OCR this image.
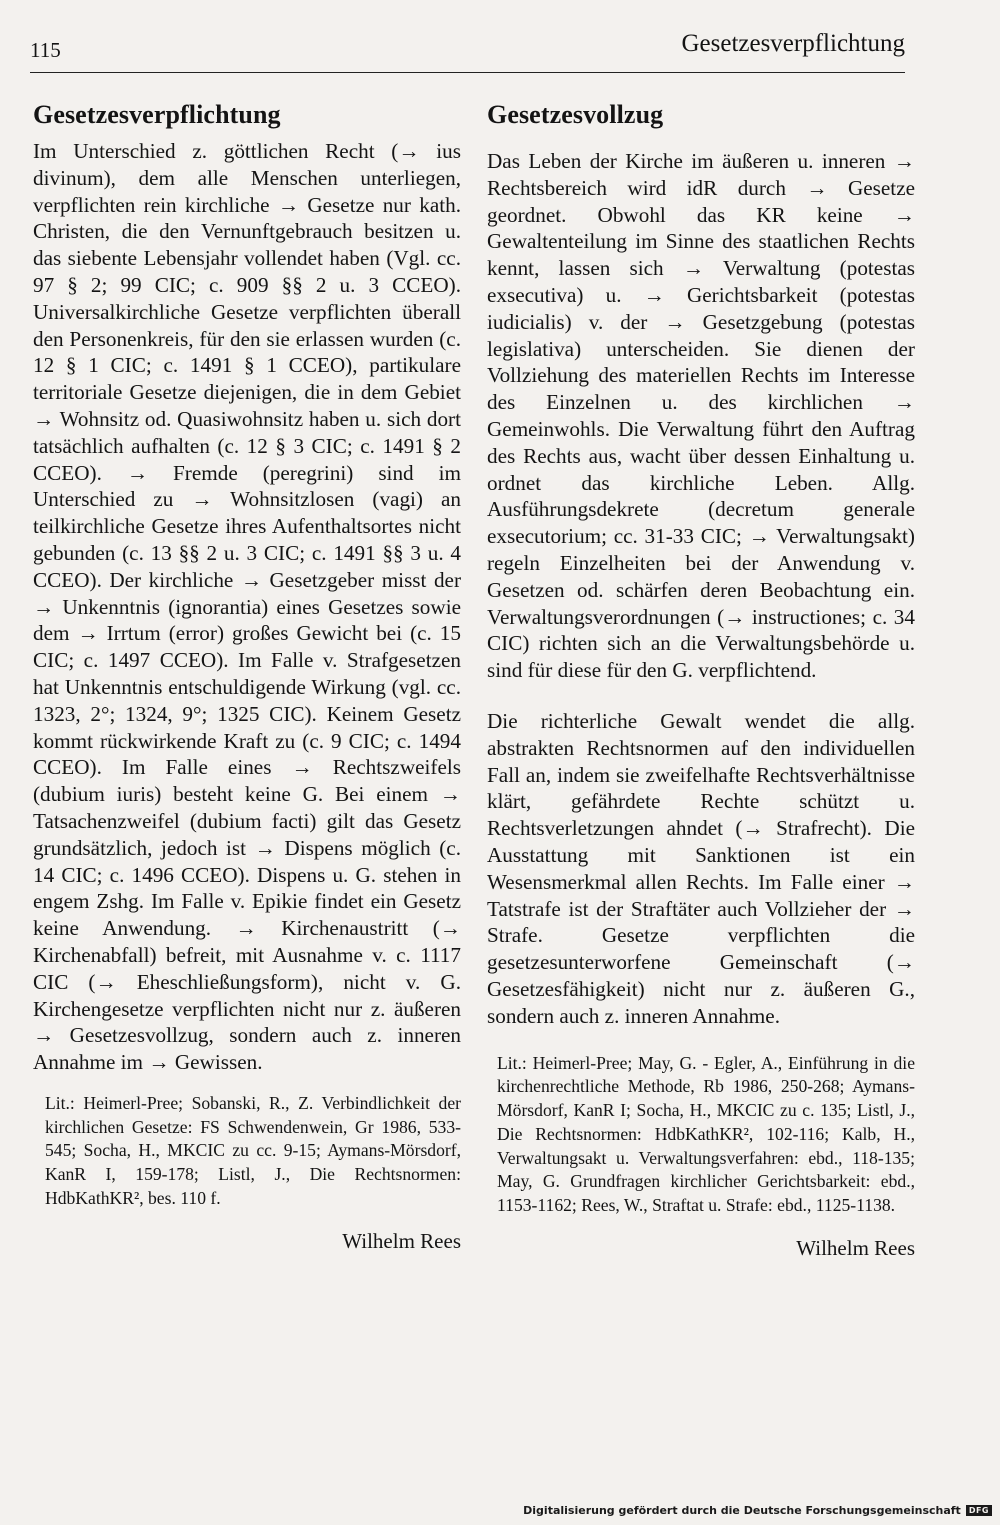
115	Gesetzesverpflichtung
Gesetzesverpflichtung

Im Unterschied z. göttlichen Recht (→ ius divinum), dem alle Menschen unterliegen, verpflichten rein kirchliche → Gesetze nur kath. Christen, die den Vernunftgebrauch besitzen u. das siebente Lebensjahr vollendet haben (Vgl. cc. 97 § 2; 99 CIC; c. 909 §§ 2 u. 3 CCEO). Universalkirchliche Gesetze verpflichten überall den Personenkreis, für den sie erlassen wurden (c. 12 § 1 CIC; c. 1491 § 1 CCEO), partikulare territoriale Gesetze diejenigen, die in dem Gebiet → Wohnsitz od. Quasiwohnsitz haben u. sich dort tatsächlich aufhalten (c. 12 § 3 CIC; c. 1491 § 2 CCEO). → Fremde (peregrini) sind im Unterschied zu → Wohnsitzlosen (vagi) an teilkirchliche Gesetze ihres Aufenthaltsortes nicht gebunden (c. 13 §§ 2 u. 3 CIC; c. 1491 §§ 3 u. 4 CCEO). Der kirchliche → Gesetzgeber misst der → Unkenntnis (ignorantia) eines Gesetzes sowie dem → Irrtum (error) großes Gewicht bei (c. 15 CIC; c. 1497 CCEO). Im Falle v. Strafgesetzen hat Unkenntnis entschuldigende Wirkung (vgl. cc. 1323, 2°; 1324, 9°; 1325 CIC). Keinem Gesetz kommt rückwirkende Kraft zu (c. 9 CIC; c. 1494 CCEO). Im Falle eines → Rechtszweifels (dubium iuris) besteht keine G. Bei einem → Tatsachenzweifel (dubium facti) gilt das Gesetz grundsätzlich, jedoch ist → Dispens möglich (c. 14 CIC; c. 1496 CCEO). Dispens u. G. stehen in engem Zshg. Im Falle v. Epikie findet ein Gesetz keine Anwendung. → Kirchenaustritt (→ Kirchenabfall) befreit, mit Ausnahme v. c. 1117 CIC (→ Eheschließungsform), nicht v. G. Kirchengesetze verpflichten nicht nur z. äußeren → Gesetzesvollzug, sondern auch z. inneren Annahme im → Gewissen.

Lit.: Heimerl-Pree; Sobanski, R., Z. Verbindlichkeit der kirchlichen Gesetze: FS Schwendenwein, Gr 1986, 533-545; Socha, H., MKCIC zu cc. 9-15; Aymans-Mörsdorf, KanR I, 159-178; Listl, J., Die Rechtsnormen: HdbKathKR², bes. 110 f.

Wilhelm Rees
Gesetzesvollzug

Das Leben der Kirche im äußeren u. inneren → Rechtsbereich wird idR durch → Gesetze geordnet. Obwohl das KR keine → Gewaltenteilung im Sinne des staatlichen Rechts kennt, lassen sich → Verwaltung (potestas exsecutiva) u. → Gerichtsbarkeit (potestas iudicialis) v. der → Gesetzgebung (potestas legislativa) unterscheiden. Sie dienen der Vollziehung des materiellen Rechts im Interesse des Einzelnen u. des kirchlichen → Gemeinwohls. Die Verwaltung führt den Auftrag des Rechts aus, wacht über dessen Einhaltung u. ordnet das kirchliche Leben. Allg. Ausführungsdekrete (decretum generale exsecutorium; cc. 31-33 CIC; → Verwaltungsakt) regeln Einzelheiten bei der Anwendung v. Gesetzen od. schärfen deren Beobachtung ein. Verwaltungsverordnungen (→ instructiones; c. 34 CIC) richten sich an die Verwaltungsbehörde u. sind für diese für den G. verpflichtend.

Die richterliche Gewalt wendet die allg. abstrakten Rechtsnormen auf den individuellen Fall an, indem sie zweifelhafte Rechtsverhältnisse klärt, gefährdete Rechte schützt u. Rechtsverletzungen ahndet (→ Strafrecht). Die Ausstattung mit Sanktionen ist ein Wesensmerkmal allen Rechts. Im Falle einer → Tatstrafe ist der Straftäter auch Vollzieher der → Strafe. Gesetze verpflichten die gesetzesunterworfene Gemeinschaft (→ Gesetzesfähigkeit) nicht nur z. äußeren G., sondern auch z. inneren Annahme.

Lit.: Heimerl-Pree; May, G. - Egler, A., Einführung in die kirchenrechtliche Methode, Rb 1986, 250-268; Aymans-Mörsdorf, KanR I; Socha, H., MKCIC zu c. 135; Listl, J., Die Rechtsnormen: HdbKathKR², 102-116; Kalb, H., Verwaltungsakt u. Verwaltungsverfahren: ebd., 118-135; May, G. Grundfragen kirchlicher Gerichtsbarkeit: ebd., 1153-1162; Rees, W., Straftat u. Strafe: ebd., 1125-1138.

Wilhelm Rees
Digitalisierung gefördert durch die Deutsche Forschungsgemeinschaft	DFG
